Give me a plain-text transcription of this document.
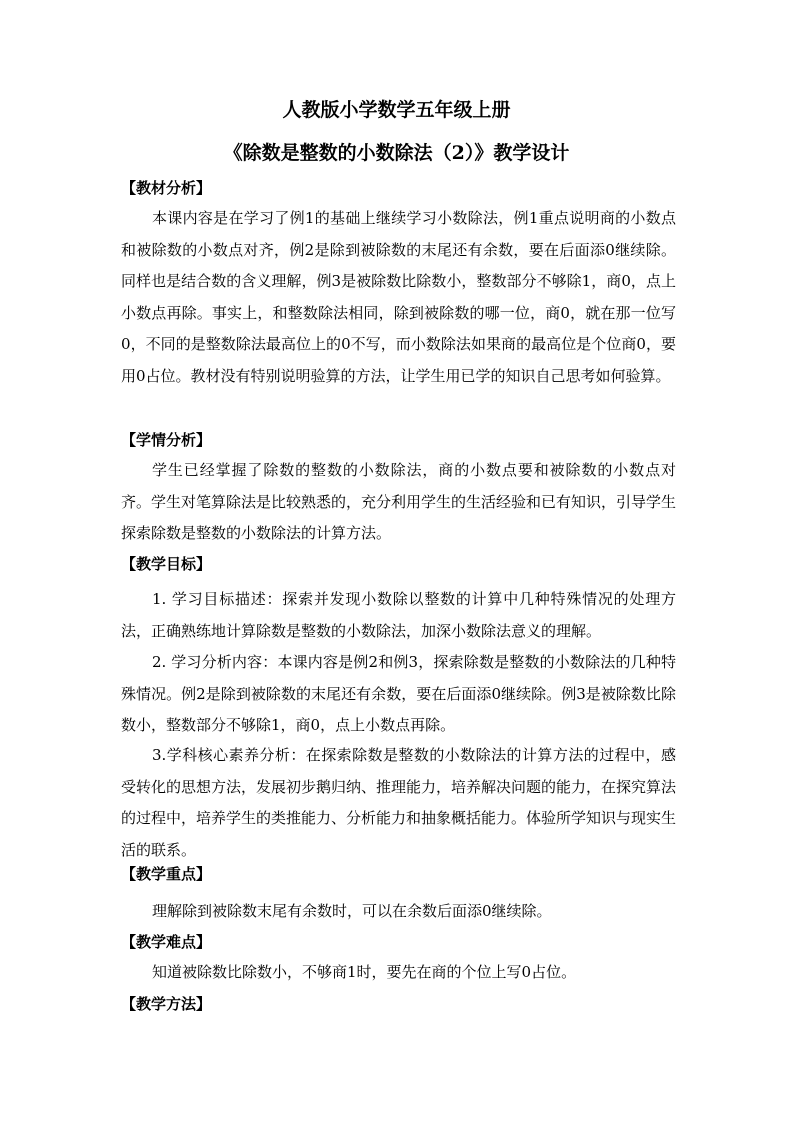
人教版小学数学五年级上册
《除数是整数的小数除法（2）》教学设计
【教材分析】
本课内容是在学习了例1的基础上继续学习小数除法，例1重点说明商的小数点和被除数的小数点对齐，例2是除到被除数的末尾还有余数，要在后面添0继续除。同样也是结合数的含义理解，例3是被除数比除数小，整数部分不够除1，商0，点上小数点再除。事实上，和整数除法相同，除到被除数的哪一位，商0，就在那一位写0，不同的是整数除法最高位上的0不写，而小数除法如果商的最高位是个位商0，要用0占位。教材没有特别说明验算的方法，让学生用已学的知识自己思考如何验算。
【学情分析】
学生已经掌握了除数的整数的小数除法，商的小数点要和被除数的小数点对齐。学生对笔算除法是比较熟悉的，充分利用学生的生活经验和已有知识，引导学生探索除数是整数的小数除法的计算方法。
【教学目标】
1. 学习目标描述：探索并发现小数除以整数的计算中几种特殊情况的处理方法，正确熟练地计算除数是整数的小数除法，加深小数除法意义的理解。
2. 学习分析内容：本课内容是例2和例3，探索除数是整数的小数除法的几种特殊情况。例2是除到被除数的末尾还有余数，要在后面添0继续除。例3是被除数比除数小，整数部分不够除1，商0，点上小数点再除。
3.学科核心素养分析：在探索除数是整数的小数除法的计算方法的过程中，感受转化的思想方法，发展初步鹅归纳、推理能力，培养解决问题的能力，在探究算法的过程中，培养学生的类推能力、分析能力和抽象概括能力。体验所学知识与现实生活的联系。
【教学重点】
理解除到被除数末尾有余数时，可以在余数后面添0继续除。
【教学难点】
知道被除数比除数小，不够商1时，要先在商的个位上写0占位。
【教学方法】
